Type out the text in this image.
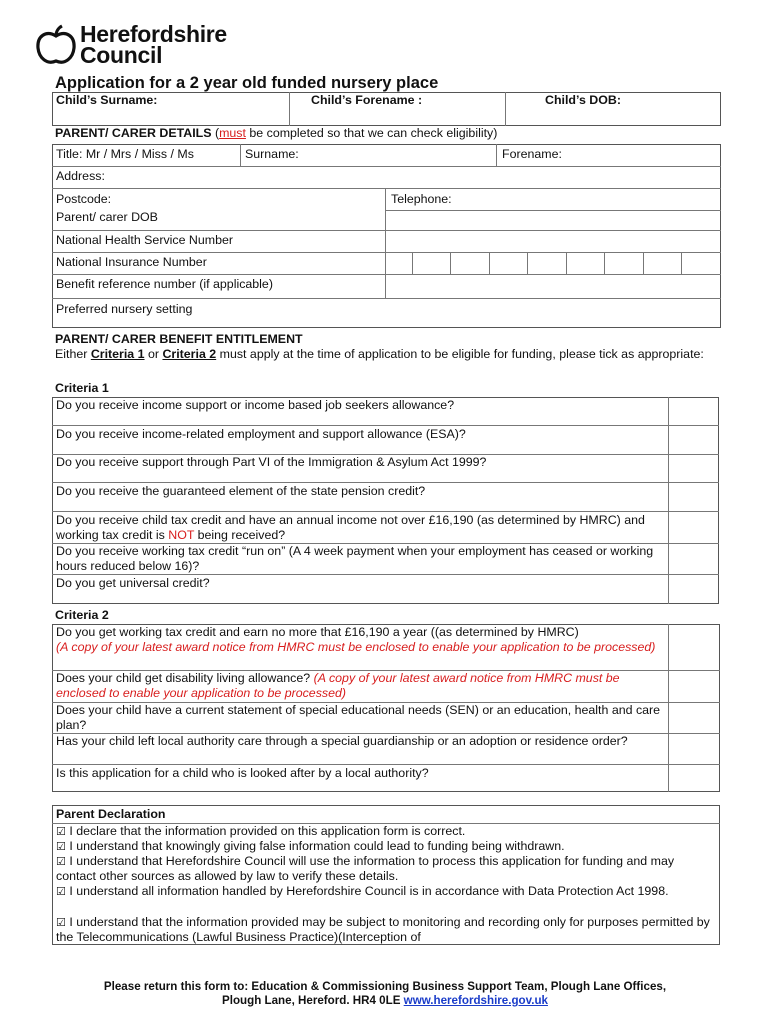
Herefordshire
Council
Application for a 2 year old funded nursery place
Child’s Surname:	Child’s Forename :	Child’s DOB:
PARENT/ CARER DETAILS (must be completed so that we can check eligibility)
Title: Mr / Mrs / Miss / Ms	Surname:	Forename:
Address:
Postcode:	Telephone:
Parent/ carer DOB
National Health Service Number
National Insurance Number
Benefit reference number (if applicable)
Preferred nursery setting
PARENT/ CARER BENEFIT ENTITLEMENT
Either Criteria 1 or Criteria 2 must apply at the time of application to be eligible for funding, please tick as appropriate:
Criteria 1
Do you receive income support or income based job seekers allowance?
Do you receive income-related employment and support allowance (ESA)?
Do you receive support through Part VI of the Immigration & Asylum Act 1999?
Do you receive the guaranteed element of the state pension credit?
Do you receive child tax credit and have an annual income not over £16,190 (as determined by HMRC) and working tax credit is NOT being received?
Do you receive working tax credit “run on” (A 4 week payment when your employment has ceased or working hours reduced below 16)?
Do you get universal credit?
Criteria 2
Do you get working tax credit and earn no more that £16,190 a year ((as determined by HMRC)
(A copy of your latest award notice from HMRC must be enclosed to enable your application to be processed)
Does your child get disability living allowance? (A copy of your latest award notice from HMRC must be enclosed to enable your application to be processed)
Does your child have a current statement of special educational needs (SEN) or an education, health and care plan?
Has your child left local authority care through a special guardianship or an adoption or residence order?
Is this application for a child who is looked after by a local authority?
Parent Declaration
☑ I declare that the information provided on this application form is correct.
☑ I understand that knowingly giving false information could lead to funding being withdrawn.
☑ I understand that Herefordshire Council will use the information to process this application for funding and may contact other sources as allowed by law to verify these details.
☑ I understand all information handled by Herefordshire Council is in accordance with Data Protection Act 1998.
☑ I understand that the information provided may be subject to monitoring and recording only for purposes permitted by the Telecommunications (Lawful Business Practice)(Interception of
Please return this form to: Education & Commissioning Business Support Team, Plough Lane Offices,
Plough Lane, Hereford. HR4 0LE www.herefordshire.gov.uk
